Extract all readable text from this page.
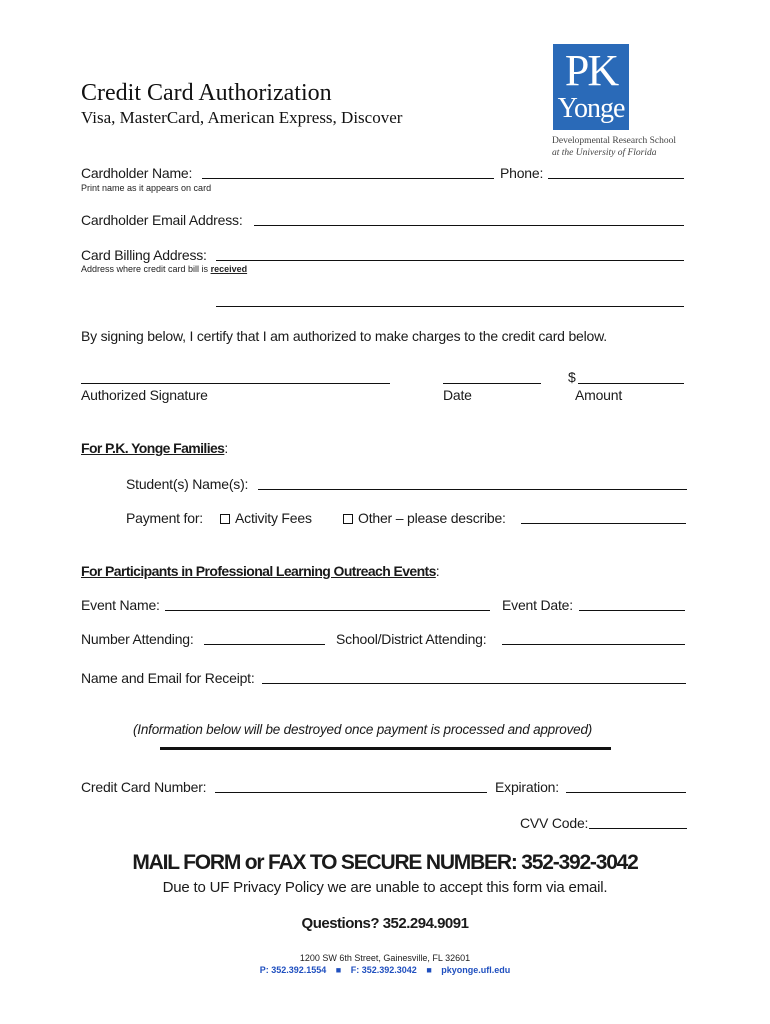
Credit Card Authorization
Visa, MasterCard, American Express, Discover
PK
Yonge
Developmental Research School
at the University of Florida
Cardholder Name:
Print name as it appears on card
Phone:
Cardholder Email Address:
Card Billing Address:
Address where credit card bill is received
By signing below, I certify that I am authorized to make charges to the credit card below.
$
Authorized Signature	Date	Amount
For P.K. Yonge Families:
Student(s) Name(s):
Payment for:	Activity Fees	Other – please describe:
For Participants in Professional Learning Outreach Events:
Event Name:	Event Date:
Number Attending:	School/District Attending:
Name and Email for Receipt:
(Information below will be destroyed once payment is processed and approved)
Credit Card Number:	Expiration:
CVV Code:
MAIL FORM or FAX TO SECURE NUMBER: 352-392-3042
Due to UF Privacy Policy we are unable to accept this form via email.
Questions? 352.294.9091
1200 SW 6th Street, Gainesville, FL 32601
P: 352.392.1554 ■ F: 352.392.3042 ■ pkyonge.ufl.edu
